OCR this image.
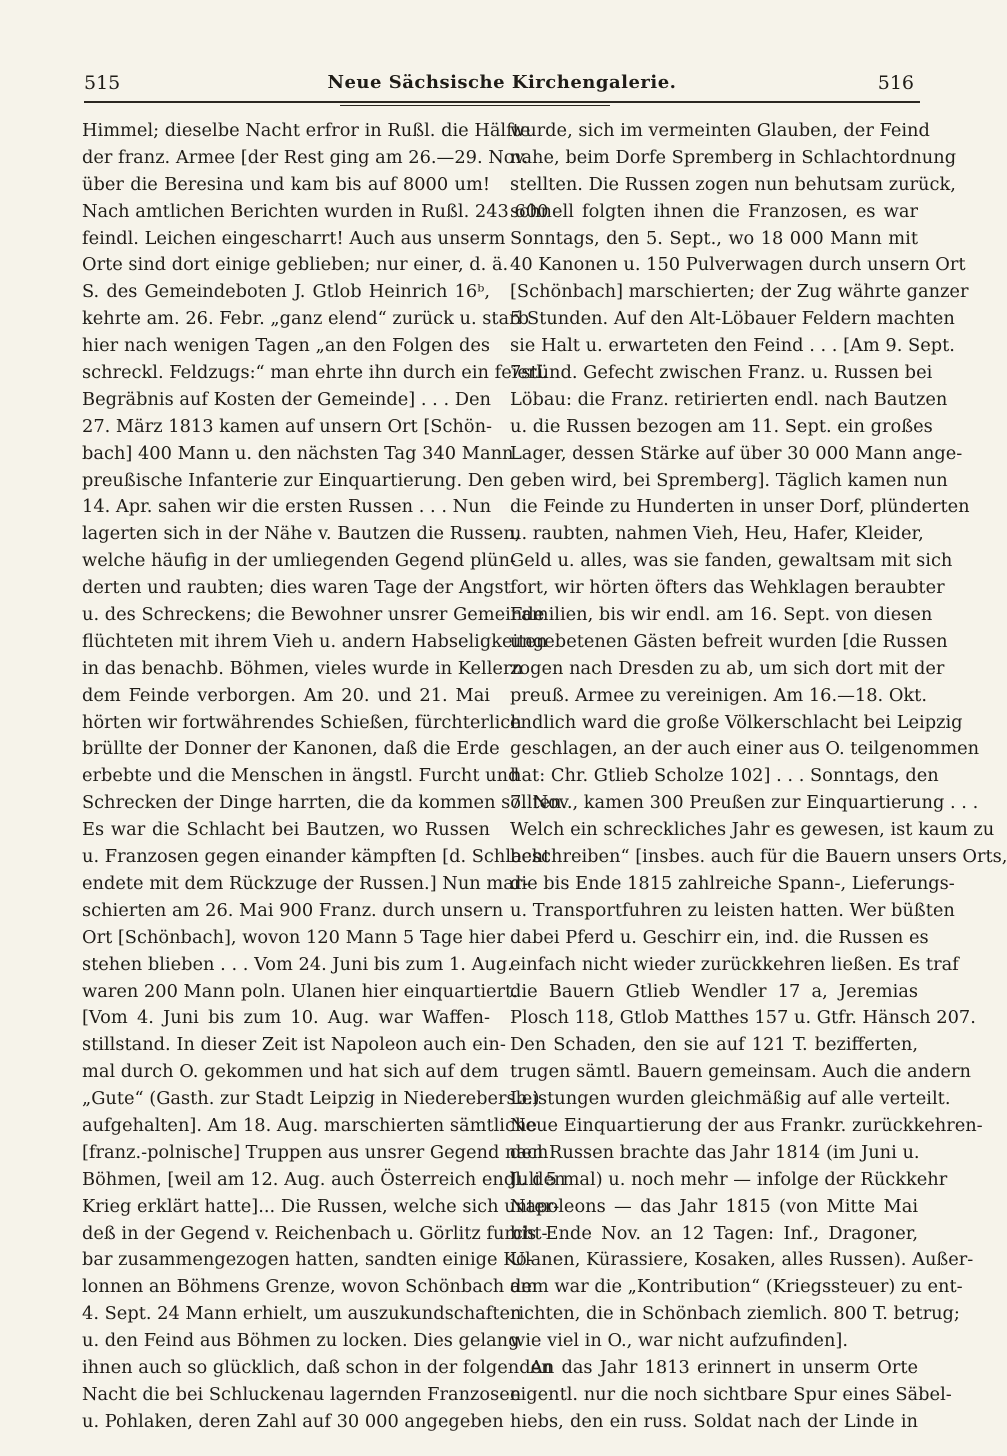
515	Neue Sächsische Kirchengalerie.	516
Himmel; dieselbe Nacht erfror in Rußl. die Hälfte
der franz. Armee [der Rest ging am 26.—29. Nov.
über die Beresina und kam bis auf 8000 um!
Nach amtlichen Berichten wurden in Rußl. 243 600
feindl. Leichen eingescharrt! Auch aus unserm
Orte sind dort einige geblieben; nur einer, d. ä.
S. des Gemeindeboten J. Gtlob Heinrich 16ᵇ,
kehrte am. 26. Febr. „ganz elend“ zurück u. starb
hier nach wenigen Tagen „an den Folgen des
schreckl. Feldzugs:“ man ehrte ihn durch ein feierl.
Begräbnis auf Kosten der Gemeinde] . . . Den
27. März 1813 kamen auf unsern Ort [Schön-
bach] 400 Mann u. den nächsten Tag 340 Mann
preußische Infanterie zur Einquartierung. Den
14. Apr. sahen wir die ersten Russen . . . Nun
lagerten sich in der Nähe v. Bautzen die Russen,
welche häufig in der umliegenden Gegend plün-
derten und raubten; dies waren Tage der Angst
u. des Schreckens; die Bewohner unsrer Gemeinde
flüchteten mit ihrem Vieh u. andern Habseligkeiten
in das benachb. Böhmen, vieles wurde in Kellern
dem Feinde verborgen. Am 20. und 21. Mai
hörten wir fortwährendes Schießen, fürchterlich
brüllte der Donner der Kanonen, daß die Erde
erbebte und die Menschen in ängstl. Furcht und
Schrecken der Dinge harrten, die da kommen sollten.
Es war die Schlacht bei Bautzen, wo Russen
u. Franzosen gegen einander kämpften [d. Schlacht
endete mit dem Rückzuge der Russen.] Nun mar-
schierten am 26. Mai 900 Franz. durch unsern
Ort [Schönbach], wovon 120 Mann 5 Tage hier
stehen blieben . . . Vom 24. Juni bis zum 1. Aug.
waren 200 Mann poln. Ulanen hier einquartiert.
[Vom 4. Juni bis zum 10. Aug. war Waffen-
stillstand. In dieser Zeit ist Napoleon auch ein-
mal durch O. gekommen und hat sich auf dem
„Gute“ (Gasth. zur Stadt Leipzig in Niederebersb.)
aufgehalten]. Am 18. Aug. marschierten sämtliche
[franz.-polnische] Truppen aus unsrer Gegend nach
Böhmen, [weil am 12. Aug. auch Österreich endl. den
Krieg erklärt hatte]... Die Russen, welche sich unter-
deß in der Gegend v. Reichenbach u. Görlitz furcht-
bar zusammengezogen hatten, sandten einige Ko-
lonnen an Böhmens Grenze, wovon Schönbach am
4. Sept. 24 Mann erhielt, um auszukundschaften
u. den Feind aus Böhmen zu locken. Dies gelang
ihnen auch so glücklich, daß schon in der folgenden
Nacht die bei Schluckenau lagernden Franzosen
u. Pohlaken, deren Zahl auf 30 000 angegeben
wurde, sich im vermeinten Glauben, der Feind
nahe, beim Dorfe Spremberg in Schlachtordnung
stellten. Die Russen zogen nun behutsam zurück,
schnell folgten ihnen die Franzosen, es war
Sonntags, den 5. Sept., wo 18 000 Mann mit
40 Kanonen u. 150 Pulverwagen durch unsern Ort
[Schönbach] marschierten; der Zug währte ganzer
5 Stunden. Auf den Alt-Löbauer Feldern machten
sie Halt u. erwarteten den Feind . . . [Am 9. Sept.
7stünd. Gefecht zwischen Franz. u. Russen bei
Löbau: die Franz. retirierten endl. nach Bautzen
u. die Russen bezogen am 11. Sept. ein großes
Lager, dessen Stärke auf über 30 000 Mann ange-
geben wird, bei Spremberg]. Täglich kamen nun
die Feinde zu Hunderten in unser Dorf, plünderten
u. raubten, nahmen Vieh, Heu, Hafer, Kleider,
Geld u. alles, was sie fanden, gewaltsam mit sich
fort, wir hörten öfters das Wehklagen beraubter
Familien, bis wir endl. am 16. Sept. von diesen
ungebetenen Gästen befreit wurden [die Russen
zogen nach Dresden zu ab, um sich dort mit der
preuß. Armee zu vereinigen. Am 16.—18. Okt.
endlich ward die große Völkerschlacht bei Leipzig
geschlagen, an der auch einer aus O. teilgenommen
hat: Chr. Gtlieb Scholze 102] . . . Sonntags, den
7. Nov., kamen 300 Preußen zur Einquartierung . . .
Welch ein schreckliches Jahr es gewesen, ist kaum zu
beschreiben“ [insbes. auch für die Bauern unsers Orts,
die bis Ende 1815 zahlreiche Spann-, Lieferungs-
u. Transportfuhren zu leisten hatten. Wer büßten
dabei Pferd u. Geschirr ein, ind. die Russen es
einfach nicht wieder zurückkehren ließen. Es traf
die Bauern Gtlieb Wendler 17 a, Jeremias
Plosch 118, Gtlob Matthes 157 u. Gtfr. Hänsch 207.
Den Schaden, den sie auf 121 T. bezifferten,
trugen sämtl. Bauern gemeinsam. Auch die andern
Leistungen wurden gleichmäßig auf alle verteilt.
Neue Einquartierung der aus Frankr. zurückkehren-
den Russen brachte das Jahr 1814 (im Juni u.
Juli 5 mal) u. noch mehr — infolge der Rückkehr
Napoleons — das Jahr 1815 (von Mitte Mai
bis Ende Nov. an 12 Tagen: Inf., Dragoner,
Ulanen, Kürassiere, Kosaken, alles Russen). Außer-
dem war die „Kontribution“ (Kriegssteuer) zu ent-
richten, die in Schönbach ziemlich. 800 T. betrug;
wie viel in O., war nicht aufzufinden].
An das Jahr 1813 erinnert in unserm Orte
eigentl. nur die noch sichtbare Spur eines Säbel-
hiebs, den ein russ. Soldat nach der Linde in
